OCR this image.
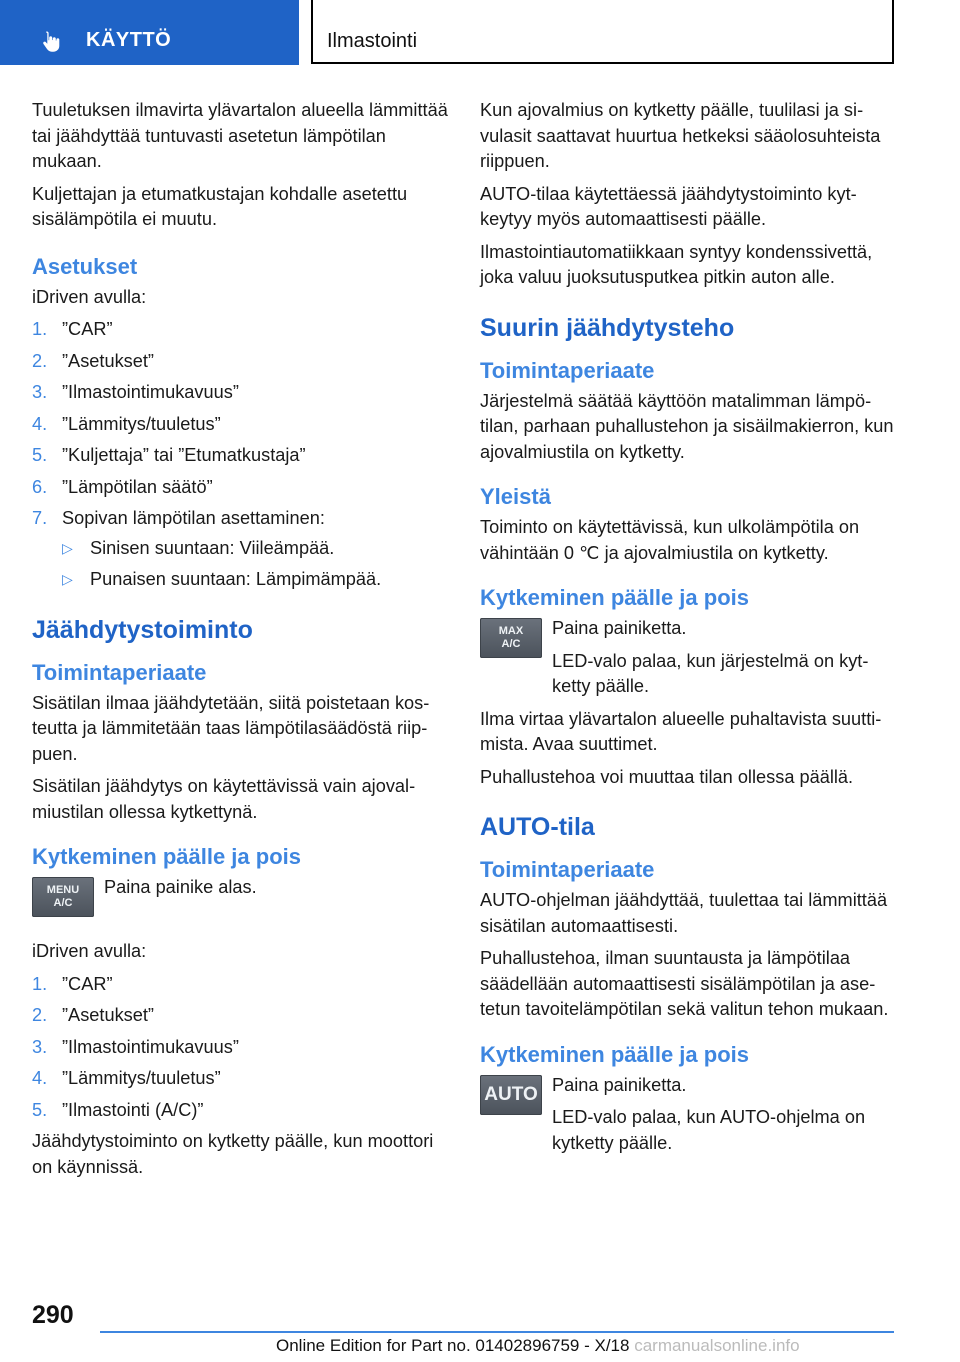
KÄYTTÖ	Ilmastointi

Tuuletuksen ilmavirta ylävartalon alueella lämmittää tai jäähdyttää tuntuvasti asetetun lämpötilan mukaan.

Kuljettajan ja etumatkustajan kohdalle asetettu sisälämpötila ei muutu.

Asetukset

iDriven avulla:

1. ”CAR”
2. ”Asetukset”
3. ”Ilmastointimukavuus”
4. ”Lämmitys/tuuletus”
5. ”Kuljettaja” tai ”Etumatkustaja”
6. ”Lämpötilan säätö”
7. Sopivan lämpötilan asettaminen:
▷ Sinisen suuntaan: Viileämpää.
▷ Punaisen suuntaan: Lämpimämpää.
Jäähdytystoiminto
Toimintaperiaate

Sisätilan ilmaa jäähdytetään, siitä poistetaan kosteutta ja lämmitetään taas lämpötilasäädöstä riippuen.

Sisätilan jäähdytys on käytettävissä vain ajovalmiustilan ollessa kytkettynä.

Kytkeminen päälle ja pois
MENU
A/C

Paina painike alas.

iDriven avulla:

1. ”CAR”
2. ”Asetukset”
3. ”Ilmastointimukavuus”
4. ”Lämmitys/tuuletus”
5. ”Ilmastointi (A/C)”

Jäähdytystoiminto on kytketty päälle, kun moottori on käynnissä.

Kun ajovalmius on kytketty päälle, tuulilasi ja sivulasit saattavat huurtua hetkeksi sääolosuhteista riippuen.

AUTO-tilaa käytettäessä jäähdytystoiminto kytkeytyy myös automaattisesti päälle.

Ilmastointiautomatiikkaan syntyy kondenssivettä, joka valuu juoksutusputkea pitkin auton alle.

Suurin jäähdytysteho
Toimintaperiaate

Järjestelmä säätää käyttöön matalimman lämpötilan, parhaan puhallustehon ja sisäilmakierron, kun ajovalmiustila on kytketty.

Yleistä

Toiminto on käytettävissä, kun ulkolämpötila on vähintään 0 ℃ ja ajovalmiustila on kytketty.

Kytkeminen päälle ja pois
MAX
A/C

Paina painiketta.

LED-valo palaa, kun järjestelmä on kytketty päälle.

Ilma virtaa ylävartalon alueelle puhaltavista suuttimista. Avaa suuttimet.

Puhallustehoa voi muuttaa tilan ollessa päällä.

AUTO-tila
Toimintaperiaate

AUTO-ohjelman jäähdyttää, tuulettaa tai lämmittää sisätilan automaattisesti.

Puhallustehoa, ilman suuntausta ja lämpötilaa säädellään automaattisesti sisälämpötilan ja asetetun tavoitelämpötilan sekä valitun tehon mukaan.

Kytkeminen päälle ja pois
AUTO Paina painiketta.

LED-valo palaa, kun AUTO-ohjelma on kytketty päälle.

290
Online Edition for Part no. 01402896759 - X/18 carmanualsonline.info
